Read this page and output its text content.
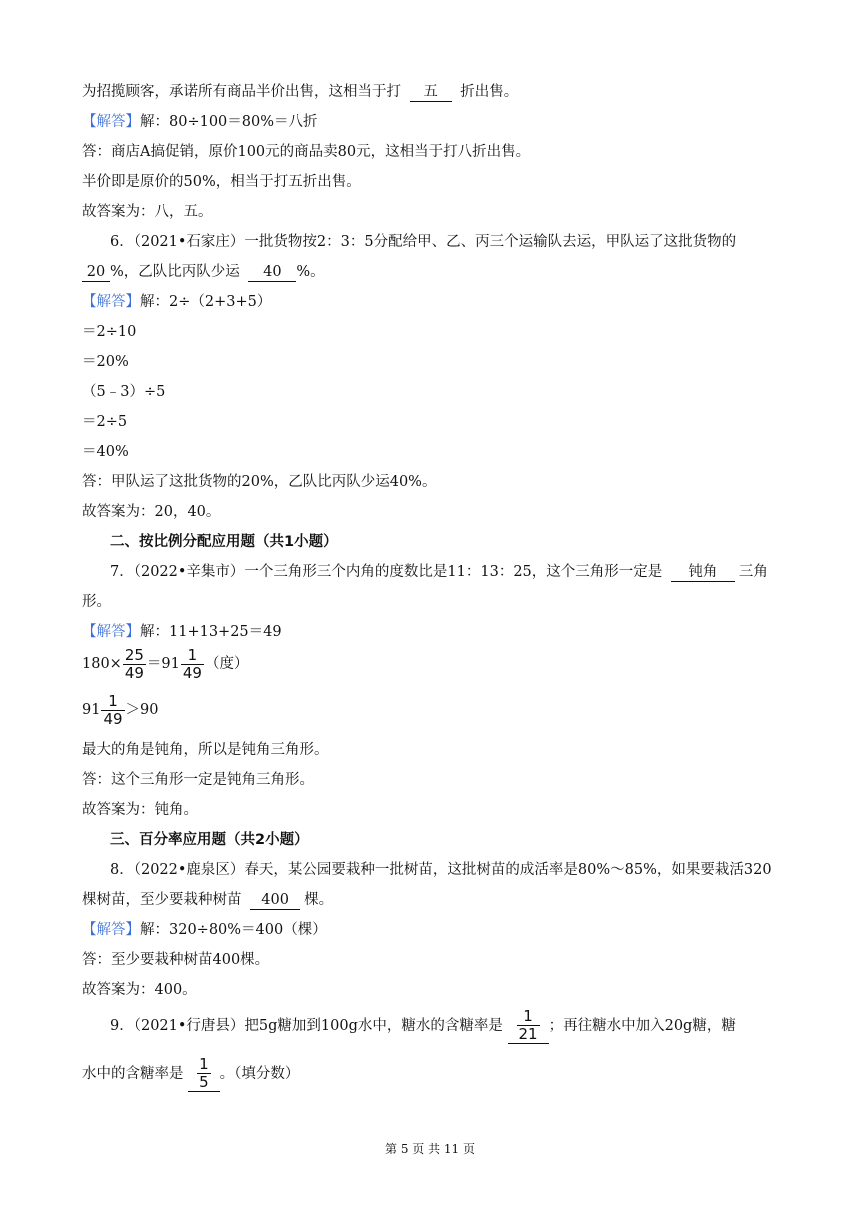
为招揽顾客，承诺所有商品半价出售，这相当于打 五 折出售。
【解答】解：80÷100＝80%＝八折
答：商店A搞促销，原价100元的商品卖80元，这相当于打八折出售。
半价即是原价的50%，相当于打五折出售。
故答案为：八，五。
6．（2021•石家庄）一批货物按2：3：5分配给甲、乙、丙三个运输队去运，甲队运了这批货物的
20 %，乙队比丙队少运 40 %。
【解答】解：2÷（2+3+5）
＝2÷10
＝20%
（5﹣3）÷5
＝2÷5
＝40%
答：甲队运了这批货物的20%，乙队比丙队少运40%。
故答案为：20，40。
二、按比例分配应用题（共1小题）
7．（2022•辛集市）一个三角形三个内角的度数比是11：13：25，这个三角形一定是 钝角 三角
形。
【解答】解：11+13+25＝49
$180\times \frac{25}{49} =91 \frac{1}{49}$ （度）
$91 \frac{1}{49} >90$
最大的角是钝角，所以是钝角三角形。
答：这个三角形一定是钝角三角形。
故答案为：钝角。
三、百分率应用题（共2小题）
8．（2022•鹿泉区）春天，某公园要栽种一批树苗，这批树苗的成活率是80%～85%，如果要栽活320
棵树苗，至少要栽种树苗 400 棵。
【解答】解：320÷80%＝400（棵）
答：至少要栽种树苗400棵。
故答案为：400。
9．（2021•行唐县）把5g糖加到100g水中，糖水的含糖率是 $\frac{1}{21}$ ；再往糖水中加入20g糖，糖
水中的含糖率是 $\frac{1}{5}$ 。（填分数）
第 5 页 共 11 页
